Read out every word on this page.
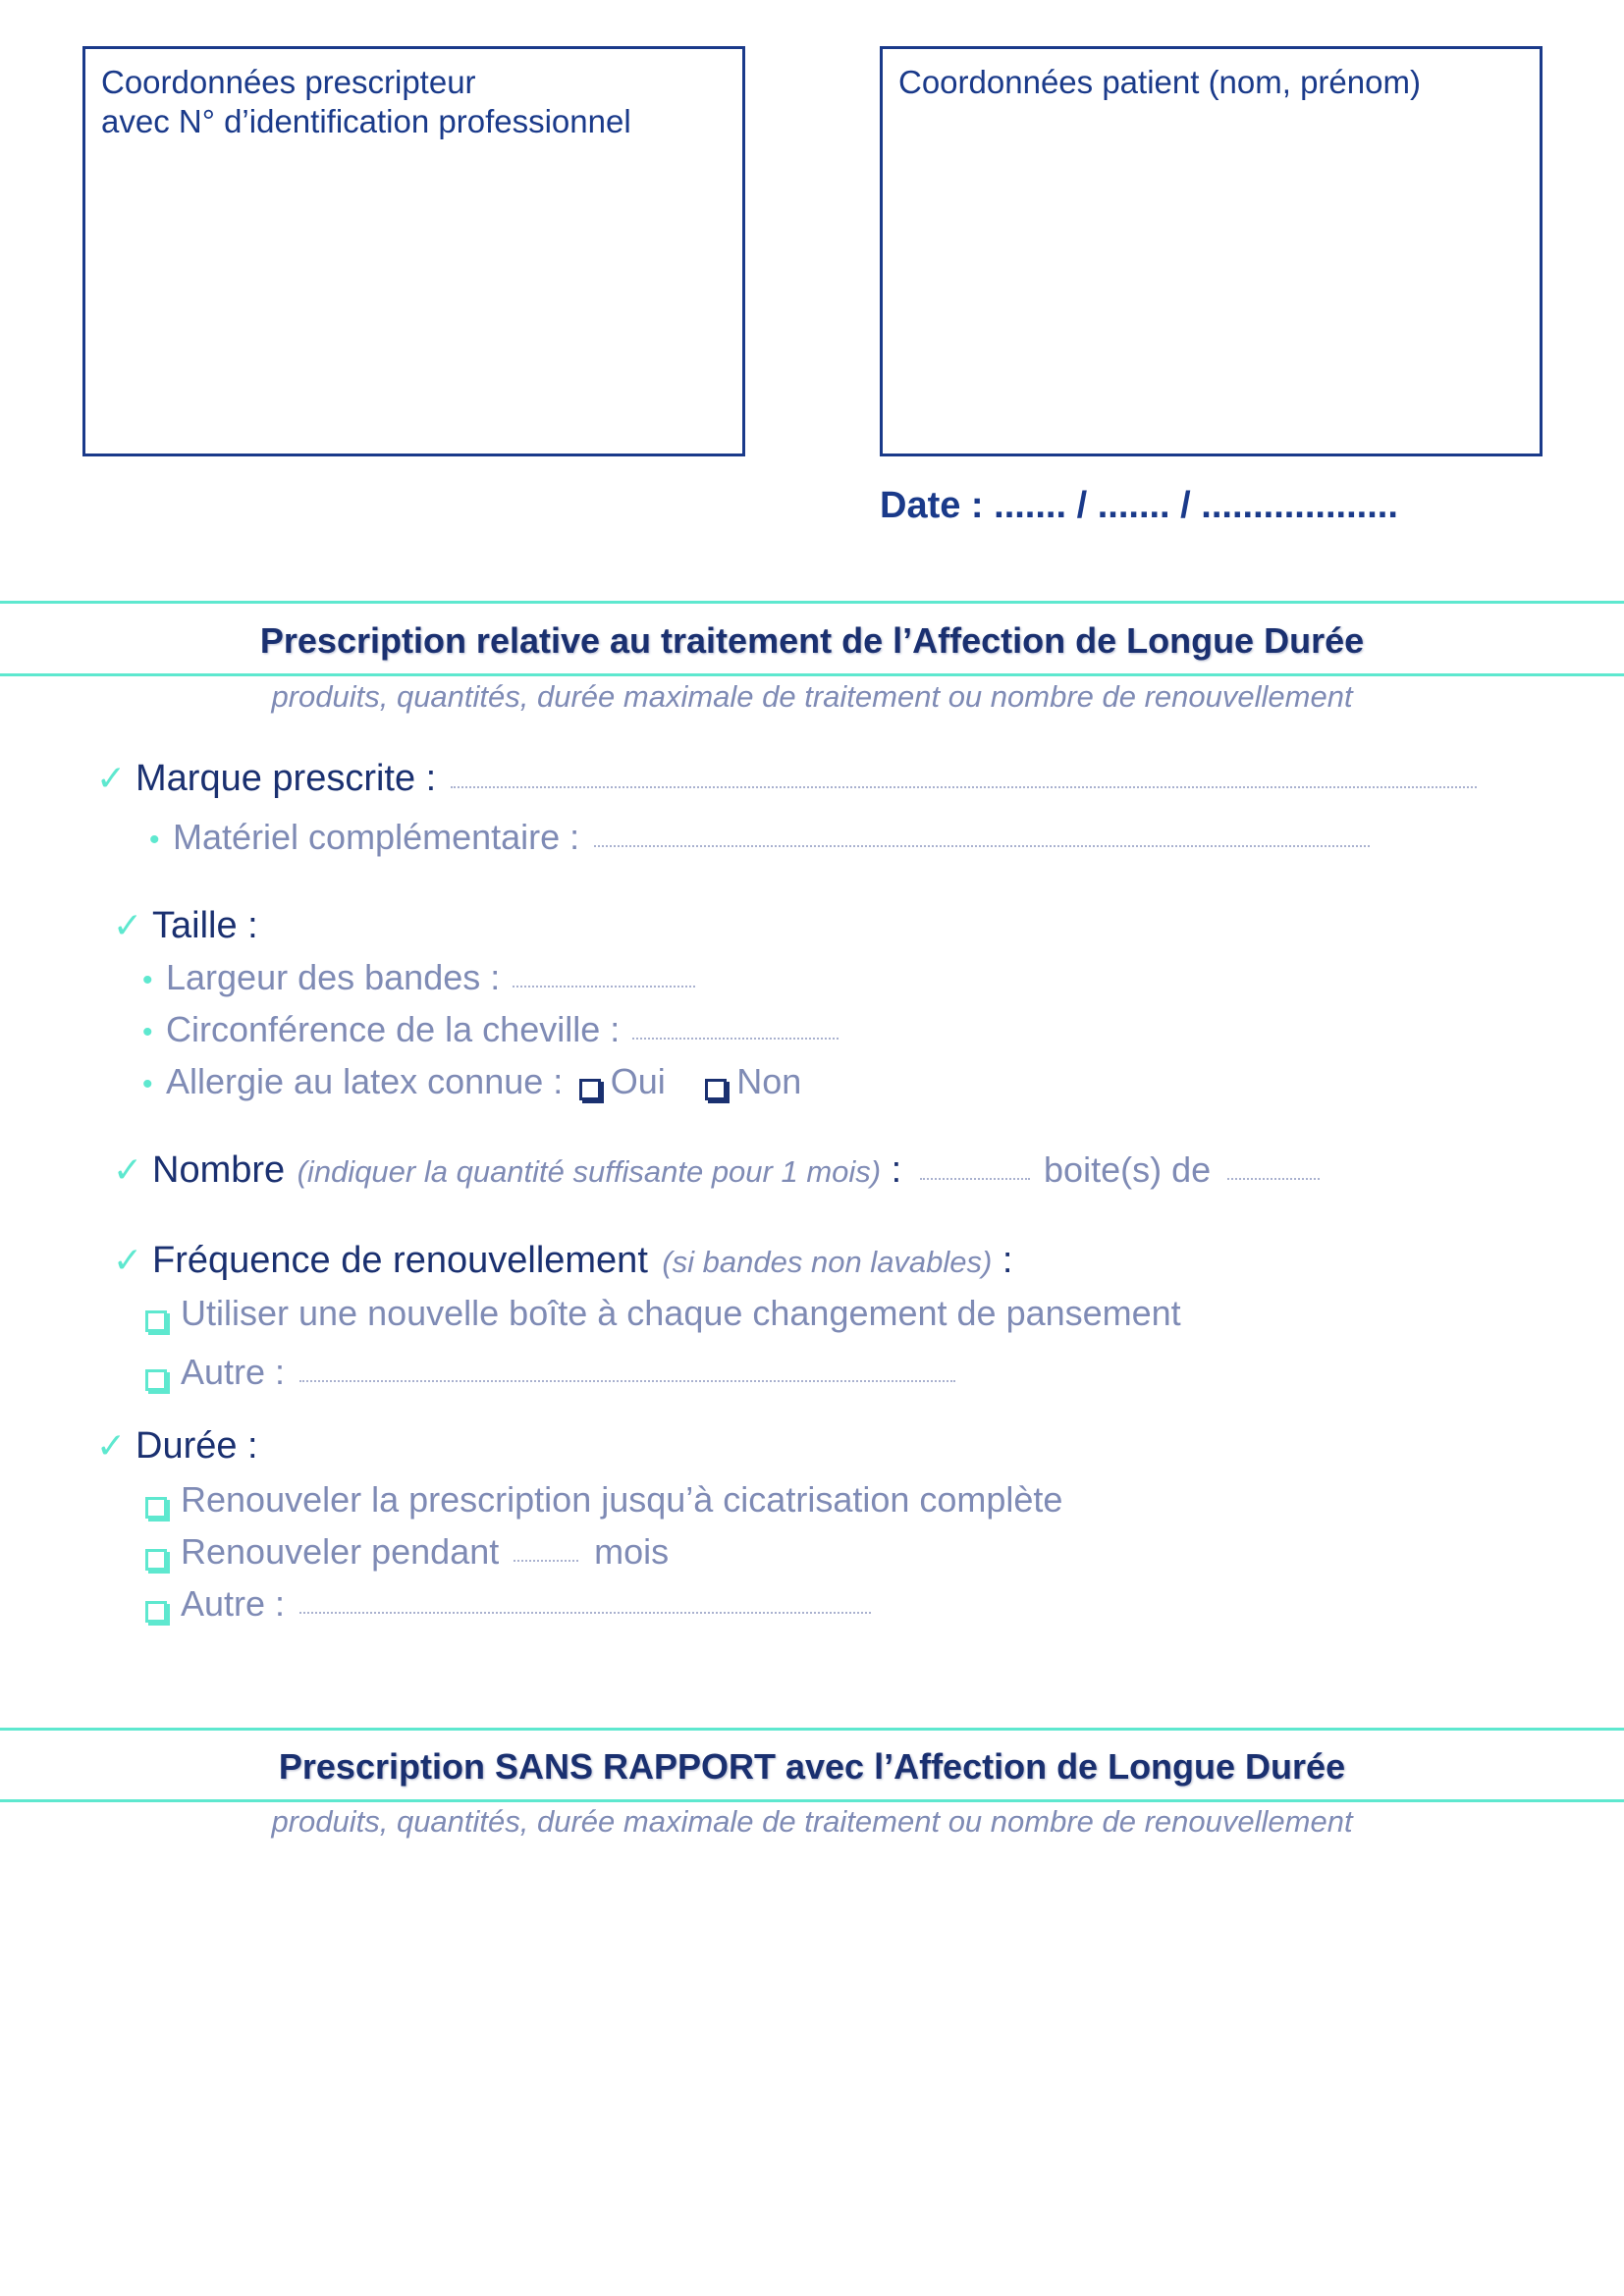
Coordonnées prescripteur
avec N° d’identification professionnel
Coordonnées patient (nom, prénom)
Date : ....... / ....... / ...................
Prescription relative au traitement de l’Affection de Longue Durée
produits, quantités, durée maximale de traitement ou nombre de renouvellement
✓ Marque prescrite :
• Matériel complémentaire :
✓ Taille :
• Largeur des bandes :
• Circonférence de la cheville :
• Allergie au latex connue : Oui Non
✓ Nombre (indiquer la quantité suffisante pour 1 mois) :	boite(s) de
✓ Fréquence de renouvellement (si bandes non lavables) :
Utiliser une nouvelle boîte à chaque changement de pansement
Autre :
✓ Durée :
Renouveler la prescription jusqu’à cicatrisation complète
Renouveler pendant	mois
Autre :
Prescription SANS RAPPORT avec l’Affection de Longue Durée
produits, quantités, durée maximale de traitement ou nombre de renouvellement
